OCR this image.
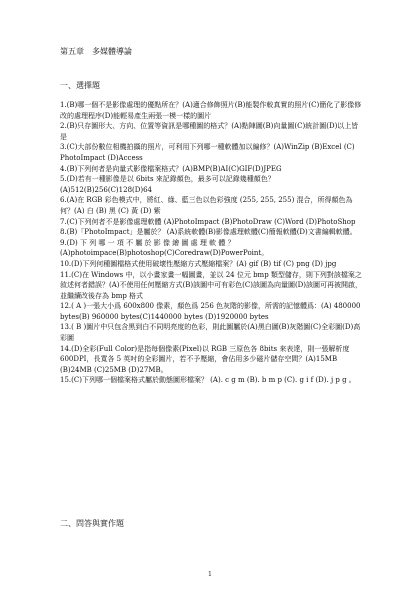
第五章　多媒體導論
一、選擇題

1.(B)哪一個不是影像處理的優點所在？(A)適合修飾照片(B)能製作較真實的照片(C)簡化了影像修改的處理程序(D)能輕易產生兩張一模一樣的圖片

2.(B)只存圖形大、方向、位置等資訊是哪種圖的格式？(A)點陣圖(B)向量圖(C)統計圖(D)以上皆是

3.(C)大部份數位相機拍攝的照片，可利用下列哪一種軟體加以編修？(A)WinZip (B)Excel (C) PhotoImpact (D)Access

4.(B)下列何者是向量式影像檔案格式？(A)BMP(B)AI(C)GIF(D)JPEG

5.(D)若有一種影像是以 6bits 來記錄顏色，最多可以記錄幾種顏色？(A)512(B)256(C)128(D)64

6.(A)在 RGB 彩色模式中，將紅、綠、藍三色以色彩強度 (255, 255, 255) 混合，所得顏色為何？(A) 白 (B) 黑 (C) 黃 (D) 紫

7.(C)下列何者不是影像處理軟體 (A)PhotoImpact (B)PhotoDraw (C)Word (D)PhotoShop

8.(B)「PhotoImpact」是屬於？ (A)系統軟體(B)影像處理軟體(C)簡報軟體(D)文書編輯軟體。

9.(D) 下 列 哪 一 項 不 屬 於 影 像 繪 圖 處 理 軟 體 ？ (A)photoimpace(B)photoshop(C)Coredraw(D)PowerPoint。

10.(D)下列何種圖檔格式使用破壞性壓縮方式壓縮檔案？(A) gif (B) tif (C) png (D) jpg

11.(C)在 Windows 中，以小畫家畫一幅圖畫，並以 24 位元 bmp 類型儲存，則下列對該檔案之敘述何者錯誤？(A)不使用任何壓縮方式(B)該圖中可有彩色(C)該圖為向量圖(D)該圖可再被開啟，並繼續改後存為 bmp 格式

12.( A )一張大小爲 600x800 像素，顏色爲 256 色灰階的影像，所需的記憶體爲：(A) 480000 bytes(B) 960000 bytes(C)1440000 bytes (D)1920000 bytes

13.( B )圖片中只包含黑到白不同明亮度的色彩，則此圖屬於(A)黑白圖(B)灰階圖(C)全彩圖(D)高彩圖

14.(D)全彩(Full Color)是指每個像素(Pixel)以 RGB 三原色各 8bits 來表達，則一張解析度 600DPI，長寬各 5 英吋的全彩圖片，若不予壓縮，會佔用多少磁片儲存空間？(A)15MB (B)24MB (C)25MB (D)27MB。

15.(C)下列哪一個檔案格式屬於動態圖形檔案？ (A). c g m (B). b m p (C). g i f (D). j p g 。

二、問答與實作題
1
